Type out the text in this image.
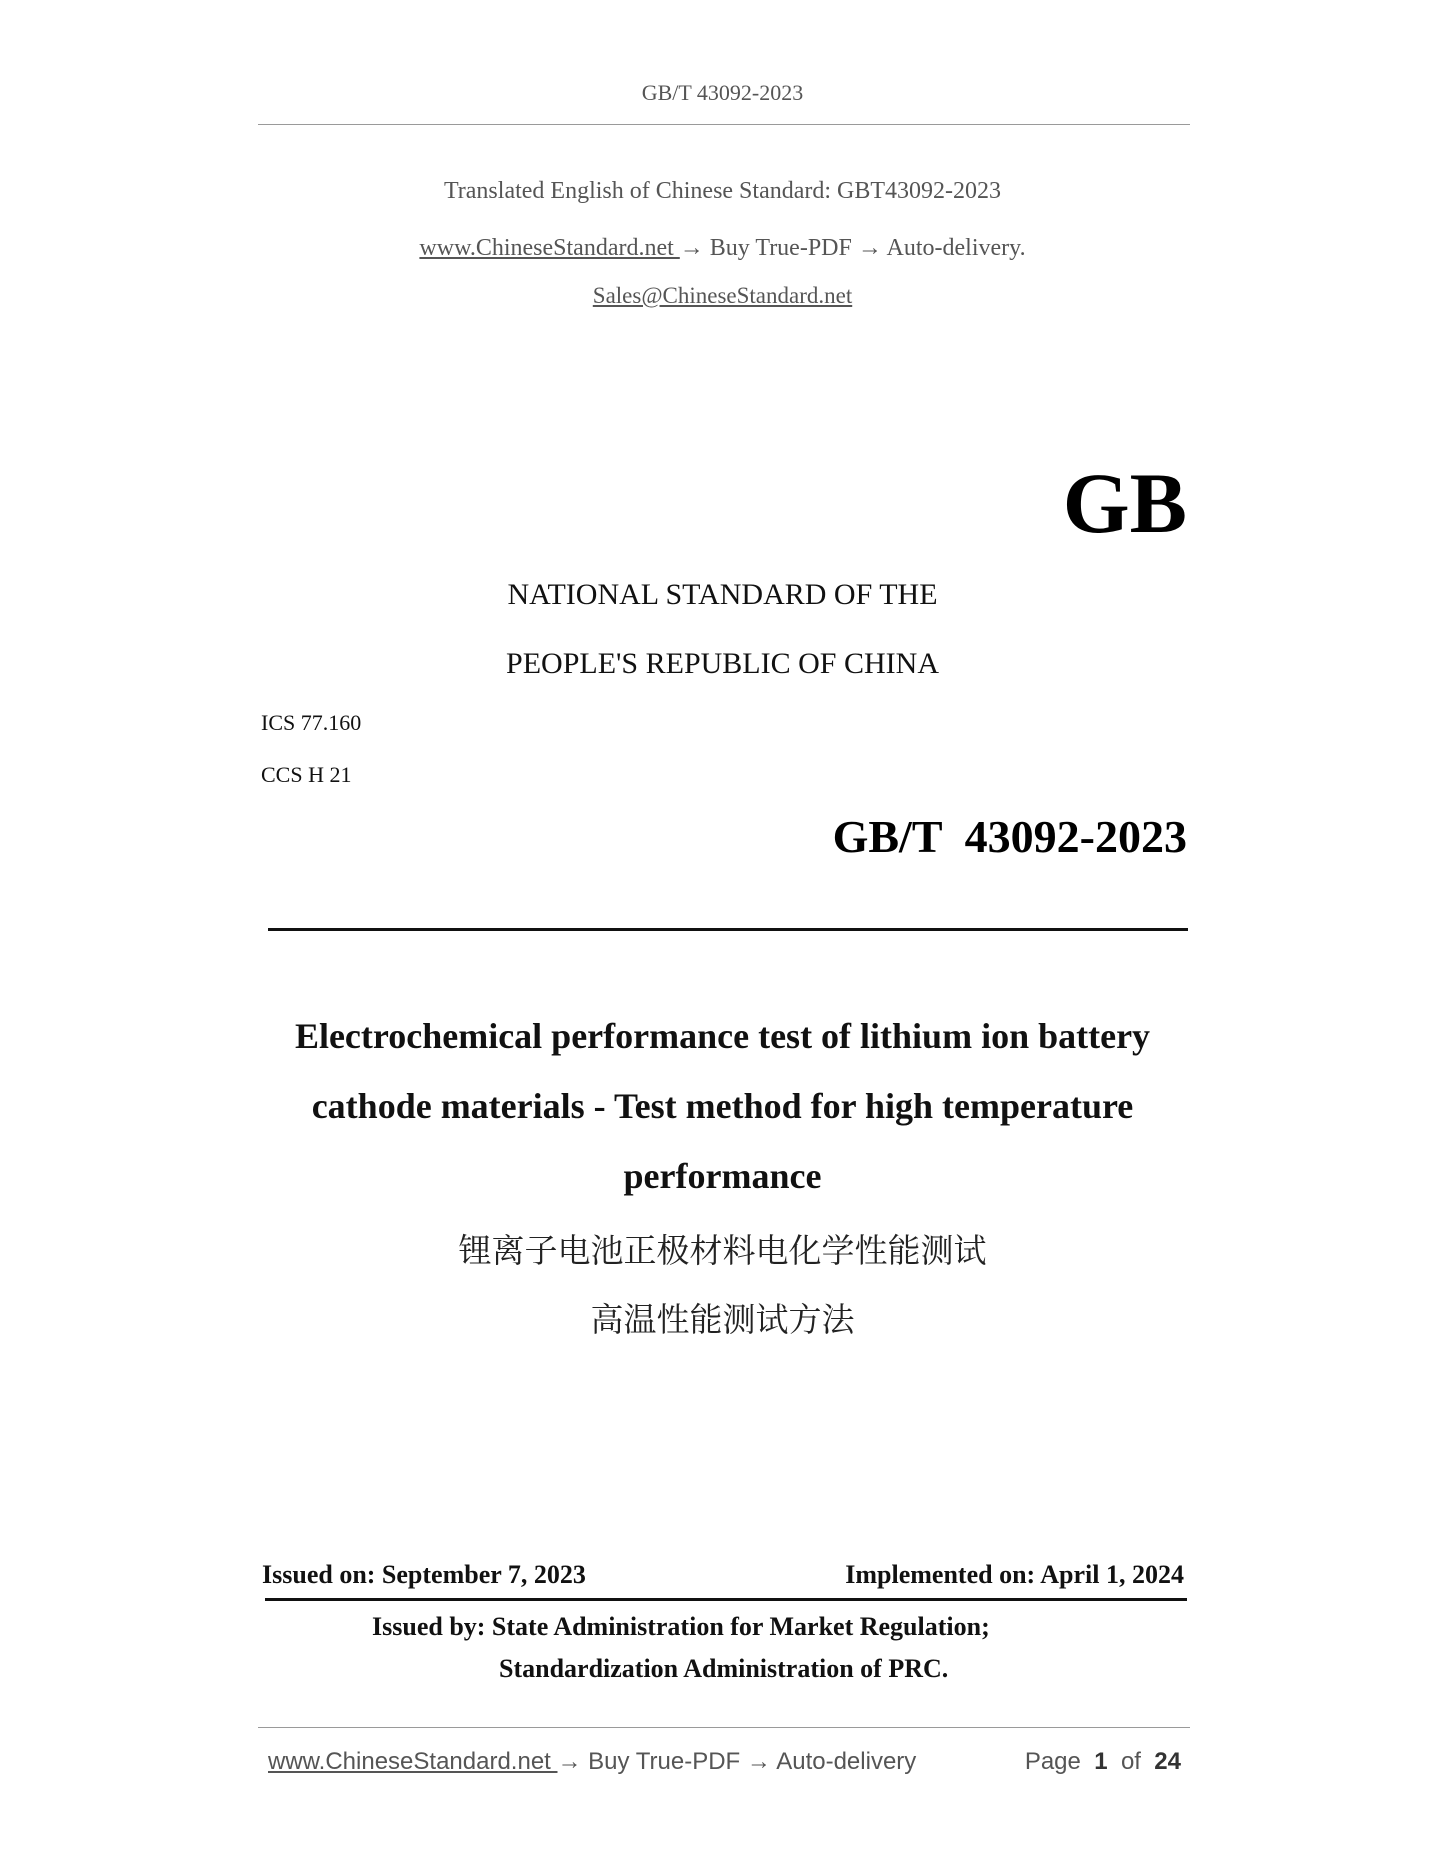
GB/T 43092-2023
Translated English of Chinese Standard: GBT43092-2023
www.ChineseStandard.net → Buy True-PDF → Auto-delivery.
Sales@ChineseStandard.net
GB
NATIONAL STANDARD OF THE
PEOPLE'S REPUBLIC OF CHINA
ICS 77.160
CCS H 21
GB/T  43092-2023
Electrochemical performance test of lithium ion battery
cathode materials - Test method for high temperature
performance
锂离子电池正极材料电化学性能测试
高温性能测试方法
Issued on: September 7, 2023	Implemented on: April 1, 2024
Issued by: State Administration for Market Regulation;
Standardization Administration of PRC.
www.ChineseStandard.net → Buy True-PDF → Auto-delivery	Page 1 of 24
